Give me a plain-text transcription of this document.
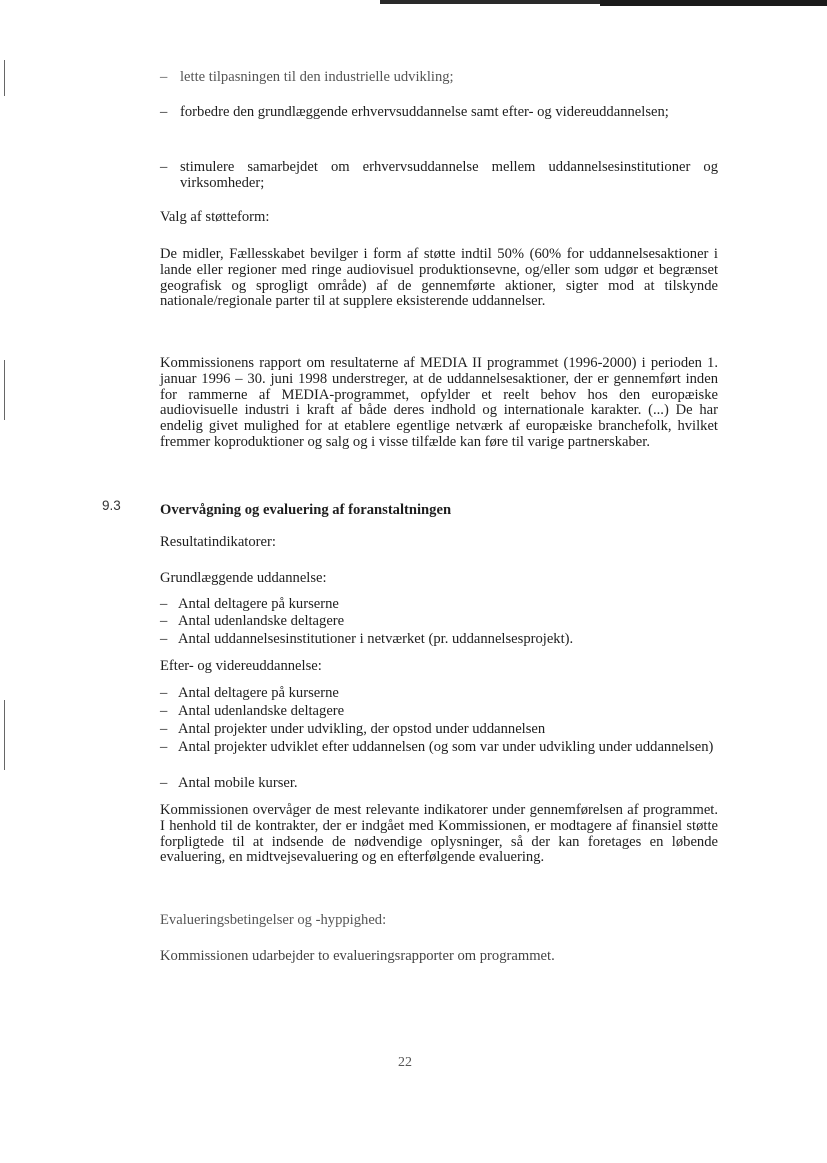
– lette tilpasningen til den industrielle udvikling;
– forbedre den grundlæggende erhvervsuddannelse samt efter- og videreuddannelsen;
– stimulere samarbejdet om erhvervsuddannelse mellem uddannelsesinstitutioner og virksomheder;
Valg af støtteform:
De midler, Fællesskabet bevilger i form af støtte indtil 50% (60% for uddannelsesaktioner i lande eller regioner med ringe audiovisuel produktionsevne, og/eller som udgør et begrænset geografisk og sprogligt område) af de gennemførte aktioner, sigter mod at tilskynde nationale/regionale parter til at supplere eksisterende uddannelser.
Kommissionens rapport om resultaterne af MEDIA II programmet (1996-2000) i perioden 1. januar 1996 – 30. juni 1998 understreger, at de uddannelsesaktioner, der er gennemført inden for rammerne af MEDIA-programmet, opfylder et reelt behov hos den europæiske audiovisuelle industri i kraft af både deres indhold og internationale karakter. (...) De har endelig givet mulighed for at etablere egentlige netværk af europæiske branchefolk, hvilket fremmer koproduktioner og salg og i visse tilfælde kan føre til varige partnerskaber.
9.3	Overvågning og evaluering af foranstaltningen
Resultatindikatorer:
Grundlæggende uddannelse:
– Antal deltagere på kurserne
– Antal udenlandske deltagere
– Antal uddannelsesinstitutioner i netværket (pr. uddannelsesprojekt).
Efter- og videreuddannelse:
– Antal deltagere på kurserne
– Antal udenlandske deltagere
– Antal projekter under udvikling, der opstod under uddannelsen
– Antal projekter udviklet efter uddannelsen (og som var under udvikling under uddannelsen)
– Antal mobile kurser.
Kommissionen overvåger de mest relevante indikatorer under gennemførelsen af programmet. I henhold til de kontrakter, der er indgået med Kommissionen, er modtagere af finansiel støtte forpligtede til at indsende de nødvendige oplysninger, så der kan foretages en løbende evaluering, en midtvejsevaluering og en efterfølgende evaluering.
Evalueringsbetingelser og -hyppighed:
Kommissionen udarbejder to evalueringsrapporter om programmet.
22
